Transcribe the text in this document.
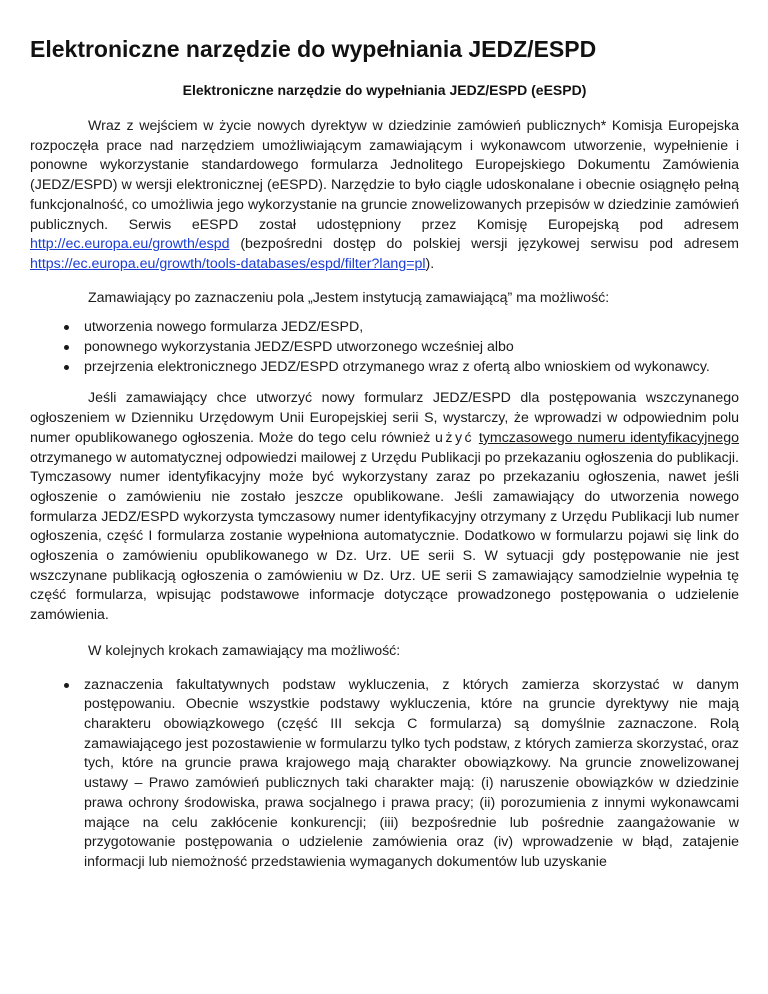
Elektroniczne narzędzie do wypełniania JEDZ/ESPD
Elektroniczne narzędzie do wypełniania JEDZ/ESPD (eESPD)

Wraz z wejściem w życie nowych dyrektyw w dziedzinie zamówień publicznych* Komisja Europejska rozpoczęła prace nad narzędziem umożliwiającym zamawiającym i wykonawcom utworzenie, wypełnienie i ponowne wykorzystanie standardowego formularza Jednolitego Europejskiego Dokumentu Zamówienia (JEDZ/ESPD) w wersji elektronicznej (eESPD). Narzędzie to było ciągle udoskonalane i obecnie osiągnęło pełną funkcjonalność, co umożliwia jego wykorzystanie na gruncie znowelizowanych przepisów w dziedzinie zamówień publicznych. Serwis eESPD został udostępniony przez Komisję Europejską pod adresem http://ec.europa.eu/growth/espd (bezpośredni dostęp do polskiej wersji językowej serwisu pod adresem https://ec.europa.eu/growth/tools-databases/espd/filter?lang=pl).

Zamawiający po zaznaczeniu pola „Jestem instytucją zamawiającą” ma możliwość:

utworzenia nowego formularza JEDZ/ESPD,
ponownego wykorzystania JEDZ/ESPD utworzonego wcześniej albo
przejrzenia elektronicznego JEDZ/ESPD otrzymanego wraz z ofertą albo wnioskiem od wykonawcy.

Jeśli zamawiający chce utworzyć nowy formularz JEDZ/ESPD dla postępowania wszczynanego ogłoszeniem w Dzienniku Urzędowym Unii Europejskiej serii S, wystarczy, że wprowadzi w odpowiednim polu numer opublikowanego ogłoszenia. Może do tego celu również użyć tymczasowego numeru identyfikacyjnego otrzymanego w automatycznej odpowiedzi mailowej z Urzędu Publikacji po przekazaniu ogłoszenia do publikacji. Tymczasowy numer identyfikacyjny może być wykorzystany zaraz po przekazaniu ogłoszenia, nawet jeśli ogłoszenie o zamówieniu nie zostało jeszcze opublikowane. Jeśli zamawiający do utworzenia nowego formularza JEDZ/ESPD wykorzysta tymczasowy numer identyfikacyjny otrzymany z Urzędu Publikacji lub numer ogłoszenia, część I formularza zostanie wypełniona automatycznie. Dodatkowo w formularzu pojawi się link do ogłoszenia o zamówieniu opublikowanego w Dz. Urz. UE serii S. W sytuacji gdy postępowanie nie jest wszczynane publikacją ogłoszenia o zamówieniu w Dz. Urz. UE serii S zamawiający samodzielnie wypełnia tę część formularza, wpisując podstawowe informacje dotyczące prowadzonego postępowania o udzielenie zamówienia.

W kolejnych krokach zamawiający ma możliwość:

zaznaczenia fakultatywnych podstaw wykluczenia, z których zamierza skorzystać w danym postępowaniu. Obecnie wszystkie podstawy wykluczenia, które na gruncie dyrektywy nie mają charakteru obowiązkowego (część III sekcja C formularza) są domyślnie zaznaczone. Rolą zamawiającego jest pozostawienie w formularzu tylko tych podstaw, z których zamierza skorzystać, oraz tych, które na gruncie prawa krajowego mają charakter obowiązkowy. Na gruncie znowelizowanej ustawy – Prawo zamówień publicznych taki charakter mają: (i) naruszenie obowiązków w dziedzinie prawa ochrony środowiska, prawa socjalnego i prawa pracy; (ii) porozumienia z innymi wykonawcami mające na celu zakłócenie konkurencji; (iii) bezpośrednie lub pośrednie zaangażowanie w przygotowanie postępowania o udzielenie zamówienia oraz (iv) wprowadzenie w błąd, zatajenie informacji lub niemożność przedstawienia wymaganych dokumentów lub uzyskanie
